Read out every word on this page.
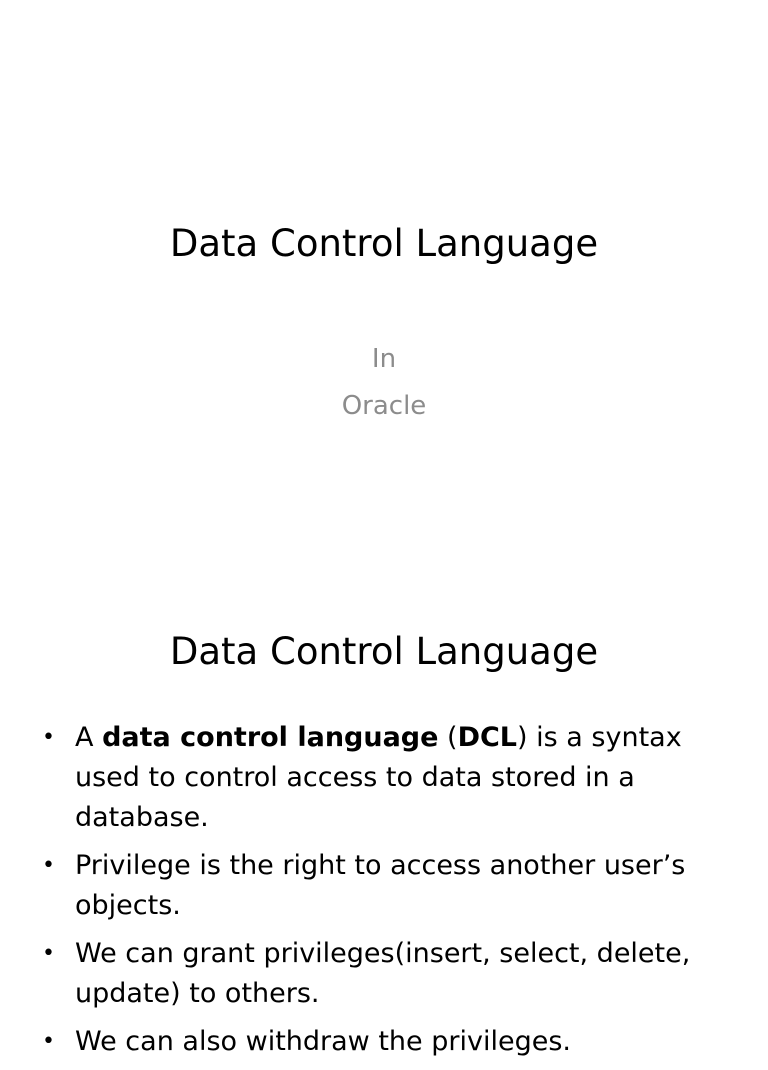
Data Control Language
In
Oracle
Data Control Language
• A data control language (DCL) is a syntax used to control access to data stored in a database.
• Privilege is the right to access another user’s objects.
• We can grant privileges(insert, select, delete, update) to others.
• We can also withdraw the privileges.
